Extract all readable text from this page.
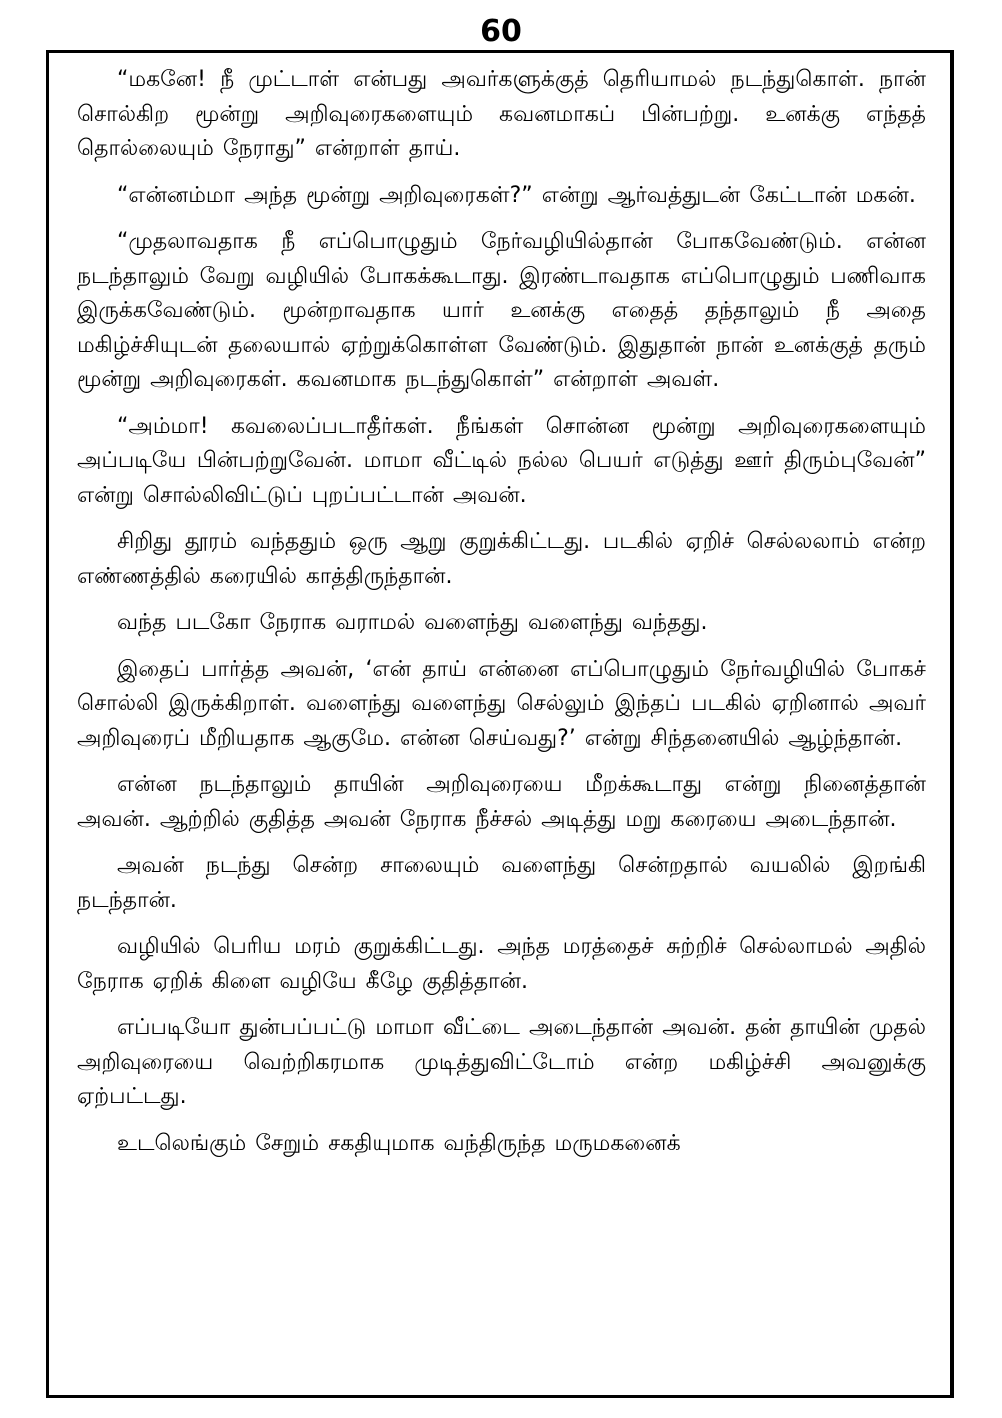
60

“மகனே! நீ முட்டாள் என்பது அவர்களுக்குத் தெரியாமல் நடந்துகொள். நான் சொல்கிற மூன்று அறிவுரைகளையும் கவனமாகப் பின்பற்று. உனக்கு எந்தத் தொல்லையும் நேராது” என்றாள் தாய்.

“என்னம்மா அந்த மூன்று அறிவுரைகள்?” என்று ஆர்வத்துடன் கேட்டான் மகன்.

“முதலாவதாக நீ எப்பொழுதும் நேர்வழியில்தான் போகவேண்டும். என்ன நடந்தாலும் வேறு வழியில் போகக்கூடாது. இரண்டாவதாக எப்பொழுதும் பணிவாக இருக்கவேண்டும். மூன்றாவதாக யார் உனக்கு எதைத் தந்தாலும் நீ அதை மகிழ்ச்சியுடன் தலையால் ஏற்றுக்கொள்ள வேண்டும். இதுதான் நான் உனக்குத் தரும் மூன்று அறிவுரைகள். கவனமாக நடந்துகொள்” என்றாள் அவள்.

“அம்மா! கவலைப்படாதீர்கள். நீங்கள் சொன்ன மூன்று அறிவுரைகளையும் அப்படியே பின்பற்றுவேன். மாமா வீட்டில் நல்ல பெயர் எடுத்து ஊர் திரும்புவேன்” என்று சொல்லிவிட்டுப் புறப்பட்டான் அவன்.

சிறிது தூரம் வந்ததும் ஒரு ஆறு குறுக்கிட்டது. படகில் ஏறிச் செல்லலாம் என்ற எண்ணத்தில் கரையில் காத்திருந்தான்.

வந்த படகோ நேராக வராமல் வளைந்து வளைந்து வந்தது.

இதைப் பார்த்த அவன், ‘என் தாய் என்னை எப்பொழுதும் நேர்வழியில் போகச் சொல்லி இருக்கிறாள். வளைந்து வளைந்து செல்லும் இந்தப் படகில் ஏறினால் அவர் அறிவுரைப் மீறியதாக ஆகுமே. என்ன செய்வது?’ என்று சிந்தனையில் ஆழ்ந்தான்.

என்ன நடந்தாலும் தாயின் அறிவுரையை மீறக்கூடாது என்று நினைத்தான் அவன். ஆற்றில் குதித்த அவன் நேராக நீச்சல் அடித்து மறு கரையை அடைந்தான்.

அவன் நடந்து சென்ற சாலையும் வளைந்து சென்றதால் வயலில் இறங்கி நடந்தான்.

வழியில் பெரிய மரம் குறுக்கிட்டது. அந்த மரத்தைச் சுற்றிச் செல்லாமல் அதில் நேராக ஏறிக் கிளை வழியே கீழே குதித்தான்.

எப்படியோ துன்பப்பட்டு மாமா வீட்டை அடைந்தான் அவன். தன் தாயின் முதல் அறிவுரையை வெற்றிகரமாக முடித்துவிட்டோம் என்ற மகிழ்ச்சி அவனுக்கு ஏற்பட்டது.

உடலெங்கும் சேறும் சகதியுமாக வந்திருந்த மருமகனைக்
